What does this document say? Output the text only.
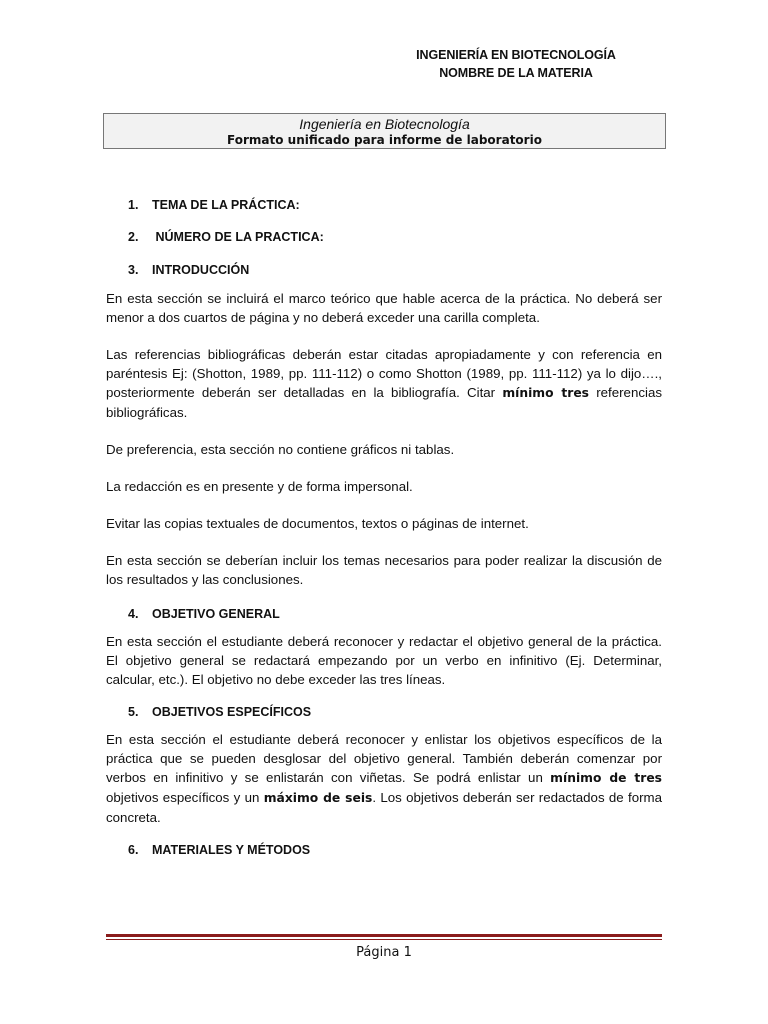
INGENIERÍA EN BIOTECNOLOGÍA
NOMBRE DE LA MATERIA
Ingeniería en Biotecnología
Formato unificado para informe de laboratorio
1. TEMA DE LA PRÁCTICA:
2. NÚMERO DE LA PRACTICA:
3. INTRODUCCIÓN

En esta sección se incluirá el marco teórico que hable acerca de la práctica. No deberá ser menor a dos cuartos de página y no deberá exceder una carilla completa.

Las referencias bibliográficas deberán estar citadas apropiadamente y con referencia en paréntesis Ej: (Shotton, 1989, pp. 111-112) o como Shotton (1989, pp. 111-112) ya lo dijo…., posteriormente deberán ser detalladas en la bibliografía. Citar mínimo tres referencias bibliográficas.

De preferencia, esta sección no contiene gráficos ni tablas.

La redacción es en presente y de forma impersonal.

Evitar las copias textuales de documentos, textos o páginas de internet.

En esta sección se deberían incluir los temas necesarios para poder realizar la discusión de los resultados y las conclusiones.

4. OBJETIVO GENERAL

En esta sección el estudiante deberá reconocer y redactar el objetivo general de la práctica. El objetivo general se redactará empezando por un verbo en infinitivo (Ej. Determinar, calcular, etc.). El objetivo no debe exceder las tres líneas.

5. OBJETIVOS ESPECÍFICOS

En esta sección el estudiante deberá reconocer y enlistar los objetivos específicos de la práctica que se pueden desglosar del objetivo general. También deberán comenzar por verbos en infinitivo y se enlistarán con viñetas. Se podrá enlistar un mínimo de tres objetivos específicos y un máximo de seis. Los objetivos deberán ser redactados de forma concreta.

6. MATERIALES Y MÉTODOS
Página 1
